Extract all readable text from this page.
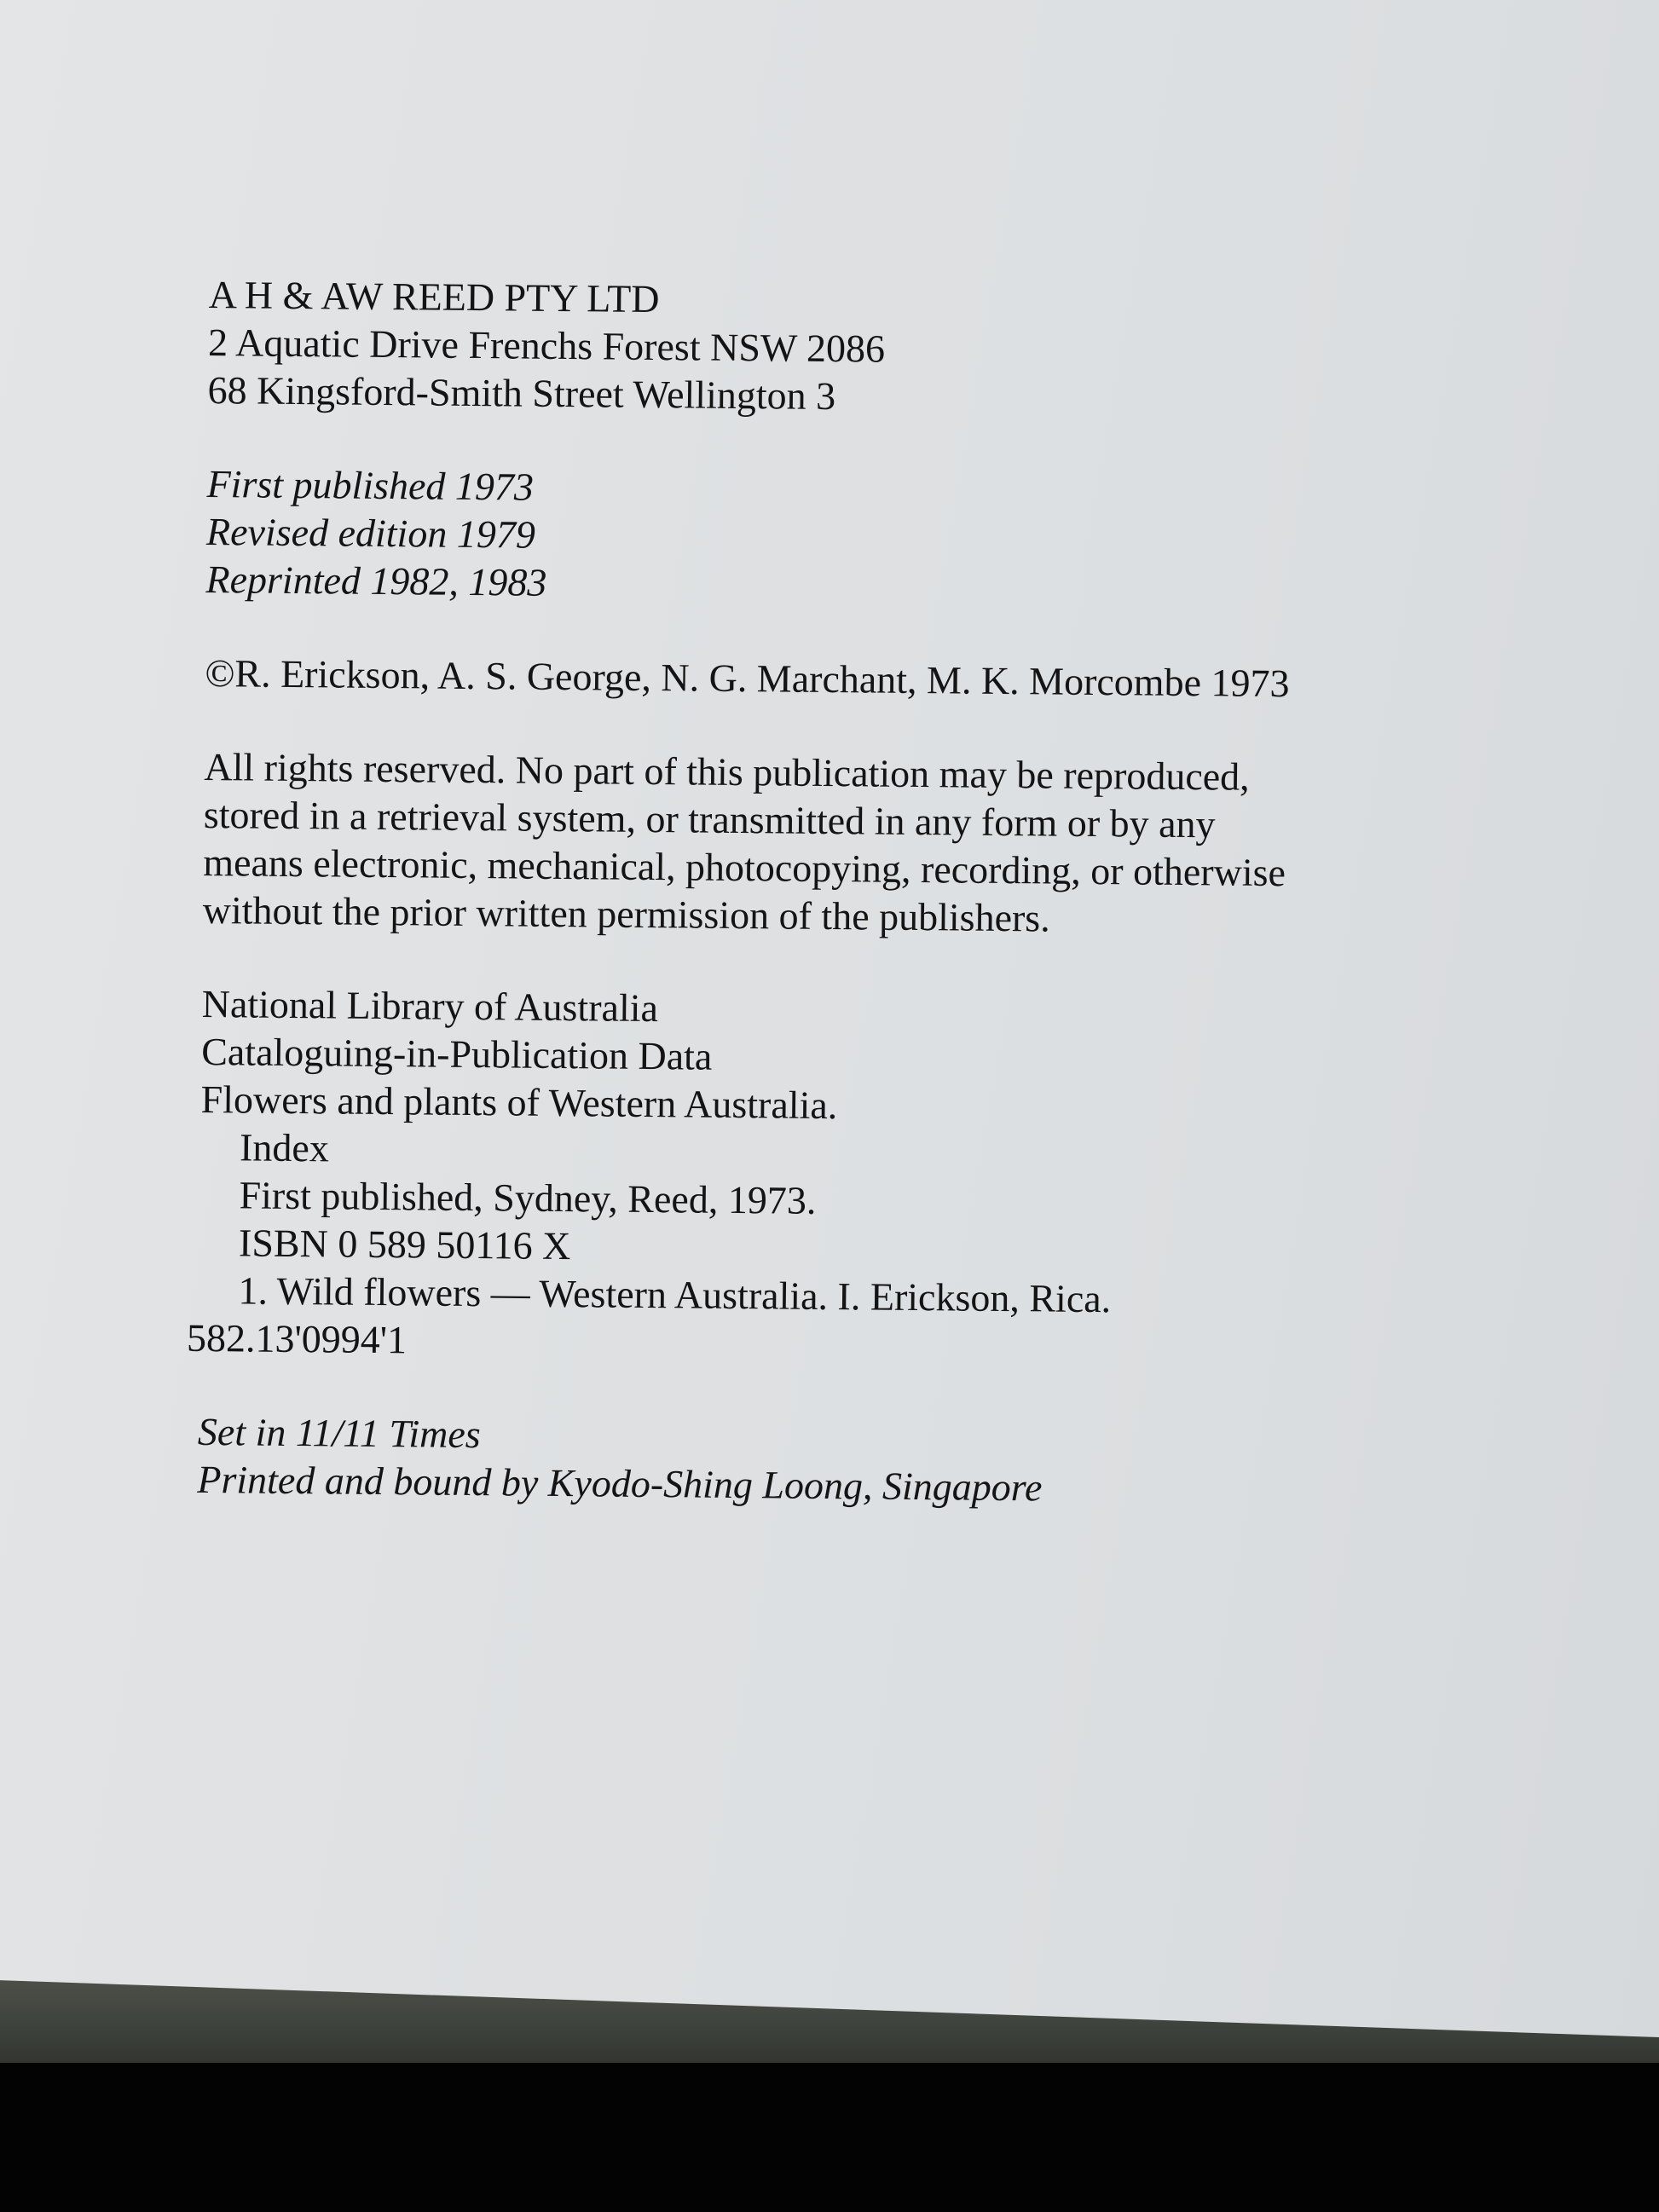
A H & AW REED PTY LTD
2 Aquatic Drive Frenchs Forest NSW 2086
68 Kingsford-Smith Street Wellington 3
First published 1973
Revised edition 1979
Reprinted 1982, 1983
©R. Erickson, A. S. George, N. G. Marchant, M. K. Morcombe 1973
All rights reserved. No part of this publication may be reproduced,
stored in a retrieval system, or transmitted in any form or by any
means electronic, mechanical, photocopying, recording, or otherwise
without the prior written permission of the publishers.
National Library of Australia
Cataloguing-in-Publication Data
Flowers and plants of Western Australia.
Index
First published, Sydney, Reed, 1973.
ISBN 0 589 50116 X
1. Wild flowers — Western Australia. I. Erickson, Rica.
582.13'0994'1
Set in 11/11 Times
Printed and bound by Kyodo-Shing Loong, Singapore
